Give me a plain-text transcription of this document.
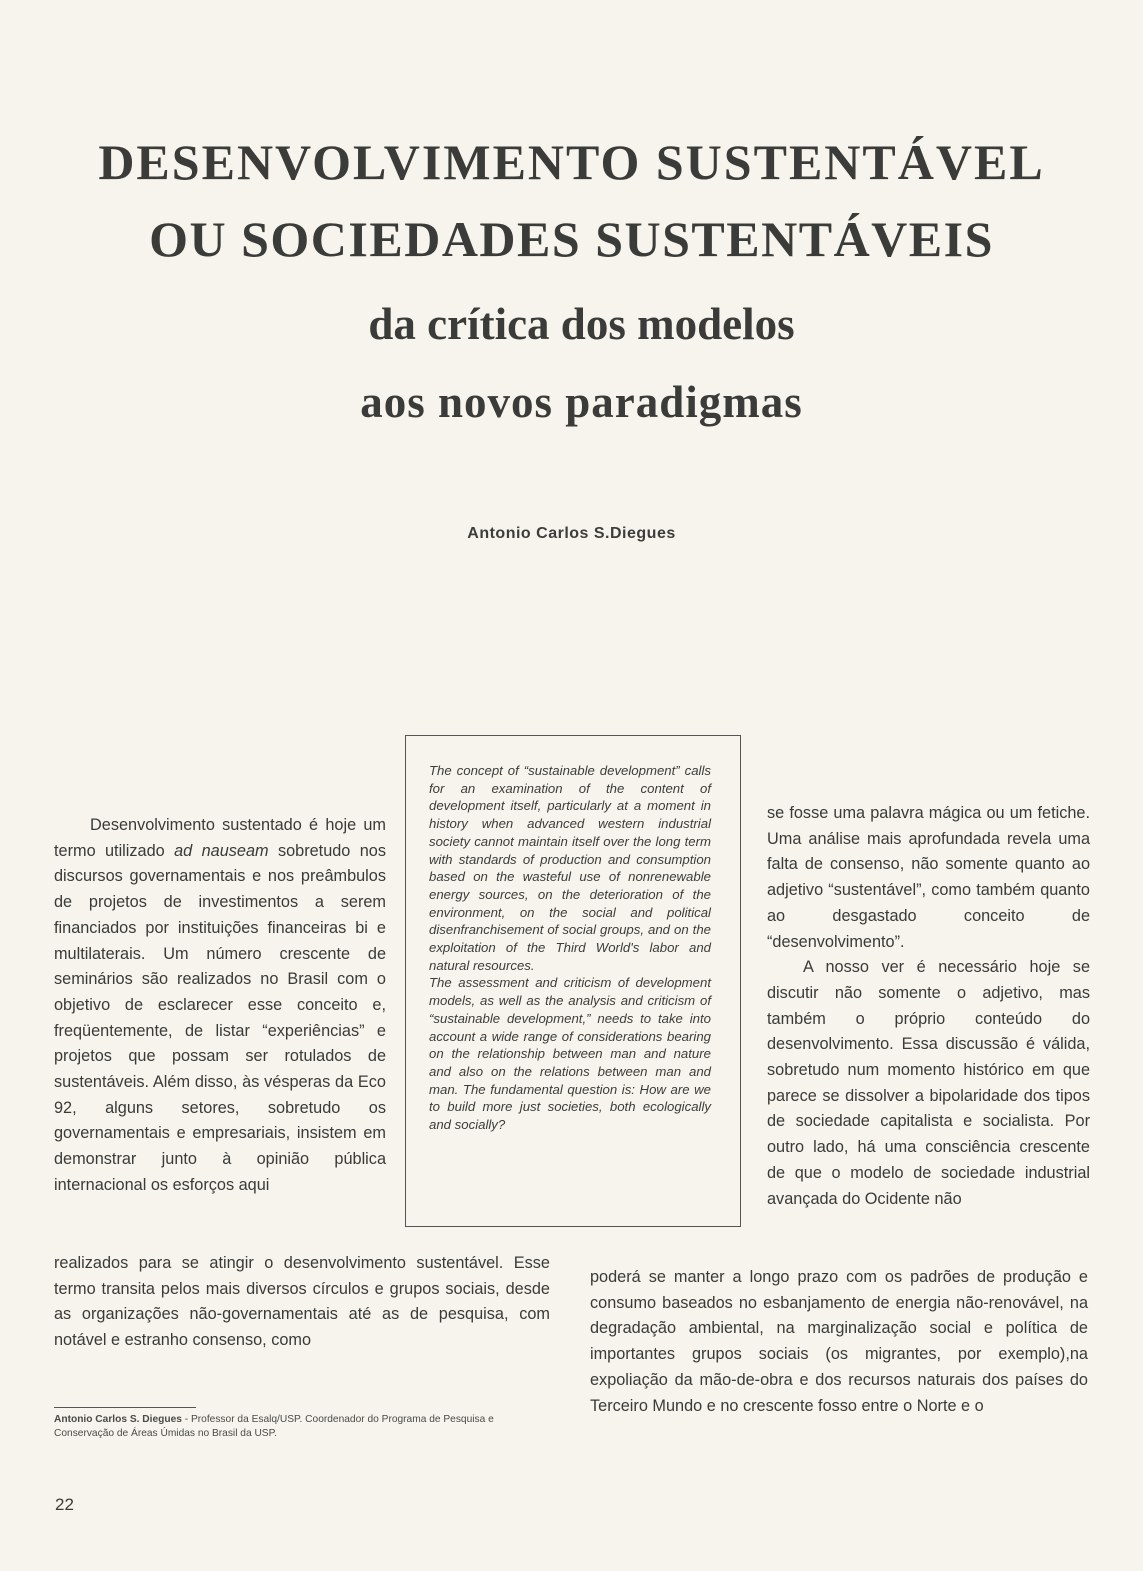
DESENVOLVIMENTO SUSTENTÁVEL
OU SOCIEDADES SUSTENTÁVEIS
da crítica dos modelos
aos novos paradigmas
Antonio Carlos S.Diegues

The concept of “sustainable development” calls for an examination of the content of development itself, particularly at a moment in history when advanced western industrial society cannot maintain itself over the long term with standards of production and consumption based on the wasteful use of nonrenewable energy sources, on the deterioration of the environment, on the social and political disenfranchisement of social groups, and on the exploitation of the Third World's labor and natural resources.

The assessment and criticism of development models, as well as the analysis and criticism of “sustainable development,” needs to take into account a wide range of considerations bearing on the relationship between man and nature and also on the relations between man and man. The fundamental question is: How are we to build more just societies, both ecologically and socially?

Desenvolvimento sustentado é hoje um termo utilizado ad nauseam sobretudo nos discursos governamentais e nos preâmbulos de projetos de investimentos a serem financiados por instituições financeiras bi e multilaterais. Um número crescente de seminários são realizados no Brasil com o objetivo de esclarecer esse conceito e, freqüentemente, de listar “experiências” e projetos que possam ser rotulados de sustentáveis. Além disso, às vésperas da Eco 92, alguns setores, sobretudo os governamentais e empresariais, insistem em demonstrar junto à opinião pública internacional os esforços aqui

realizados para se atingir o desenvolvimento sustentável. Esse termo transita pelos mais diversos círculos e grupos sociais, desde as organizações não-governamentais até as de pesquisa, com notável e estranho consenso, como

se fosse uma palavra mágica ou um fetiche. Uma análise mais aprofundada revela uma falta de consenso, não somente quanto ao adjetivo “sustentável”, como também quanto ao desgastado conceito de “desenvolvimento”.

A nosso ver é necessário hoje se discutir não somente o adjetivo, mas também o próprio conteúdo do desenvolvimento. Essa discussão é válida, sobretudo num momento histórico em que parece se dissolver a bipolaridade dos tipos de sociedade capitalista e socialista. Por outro lado, há uma consciência crescente de que o modelo de sociedade industrial avançada do Ocidente não

poderá se manter a longo prazo com os padrões de produção e consumo baseados no esbanjamento de energia não-renovável, na degradação ambiental, na marginalização social e política de importantes grupos sociais (os migrantes, por exemplo),na expoliação da mão-de-obra e dos recursos naturais dos países do Terceiro Mundo e no crescente fosso entre o Norte e o

Antonio Carlos S. Diegues - Professor da Esalq/USP. Coordenador do Programa de Pesquisa e Conservação de Áreas Úmidas no Brasil da USP.
22
